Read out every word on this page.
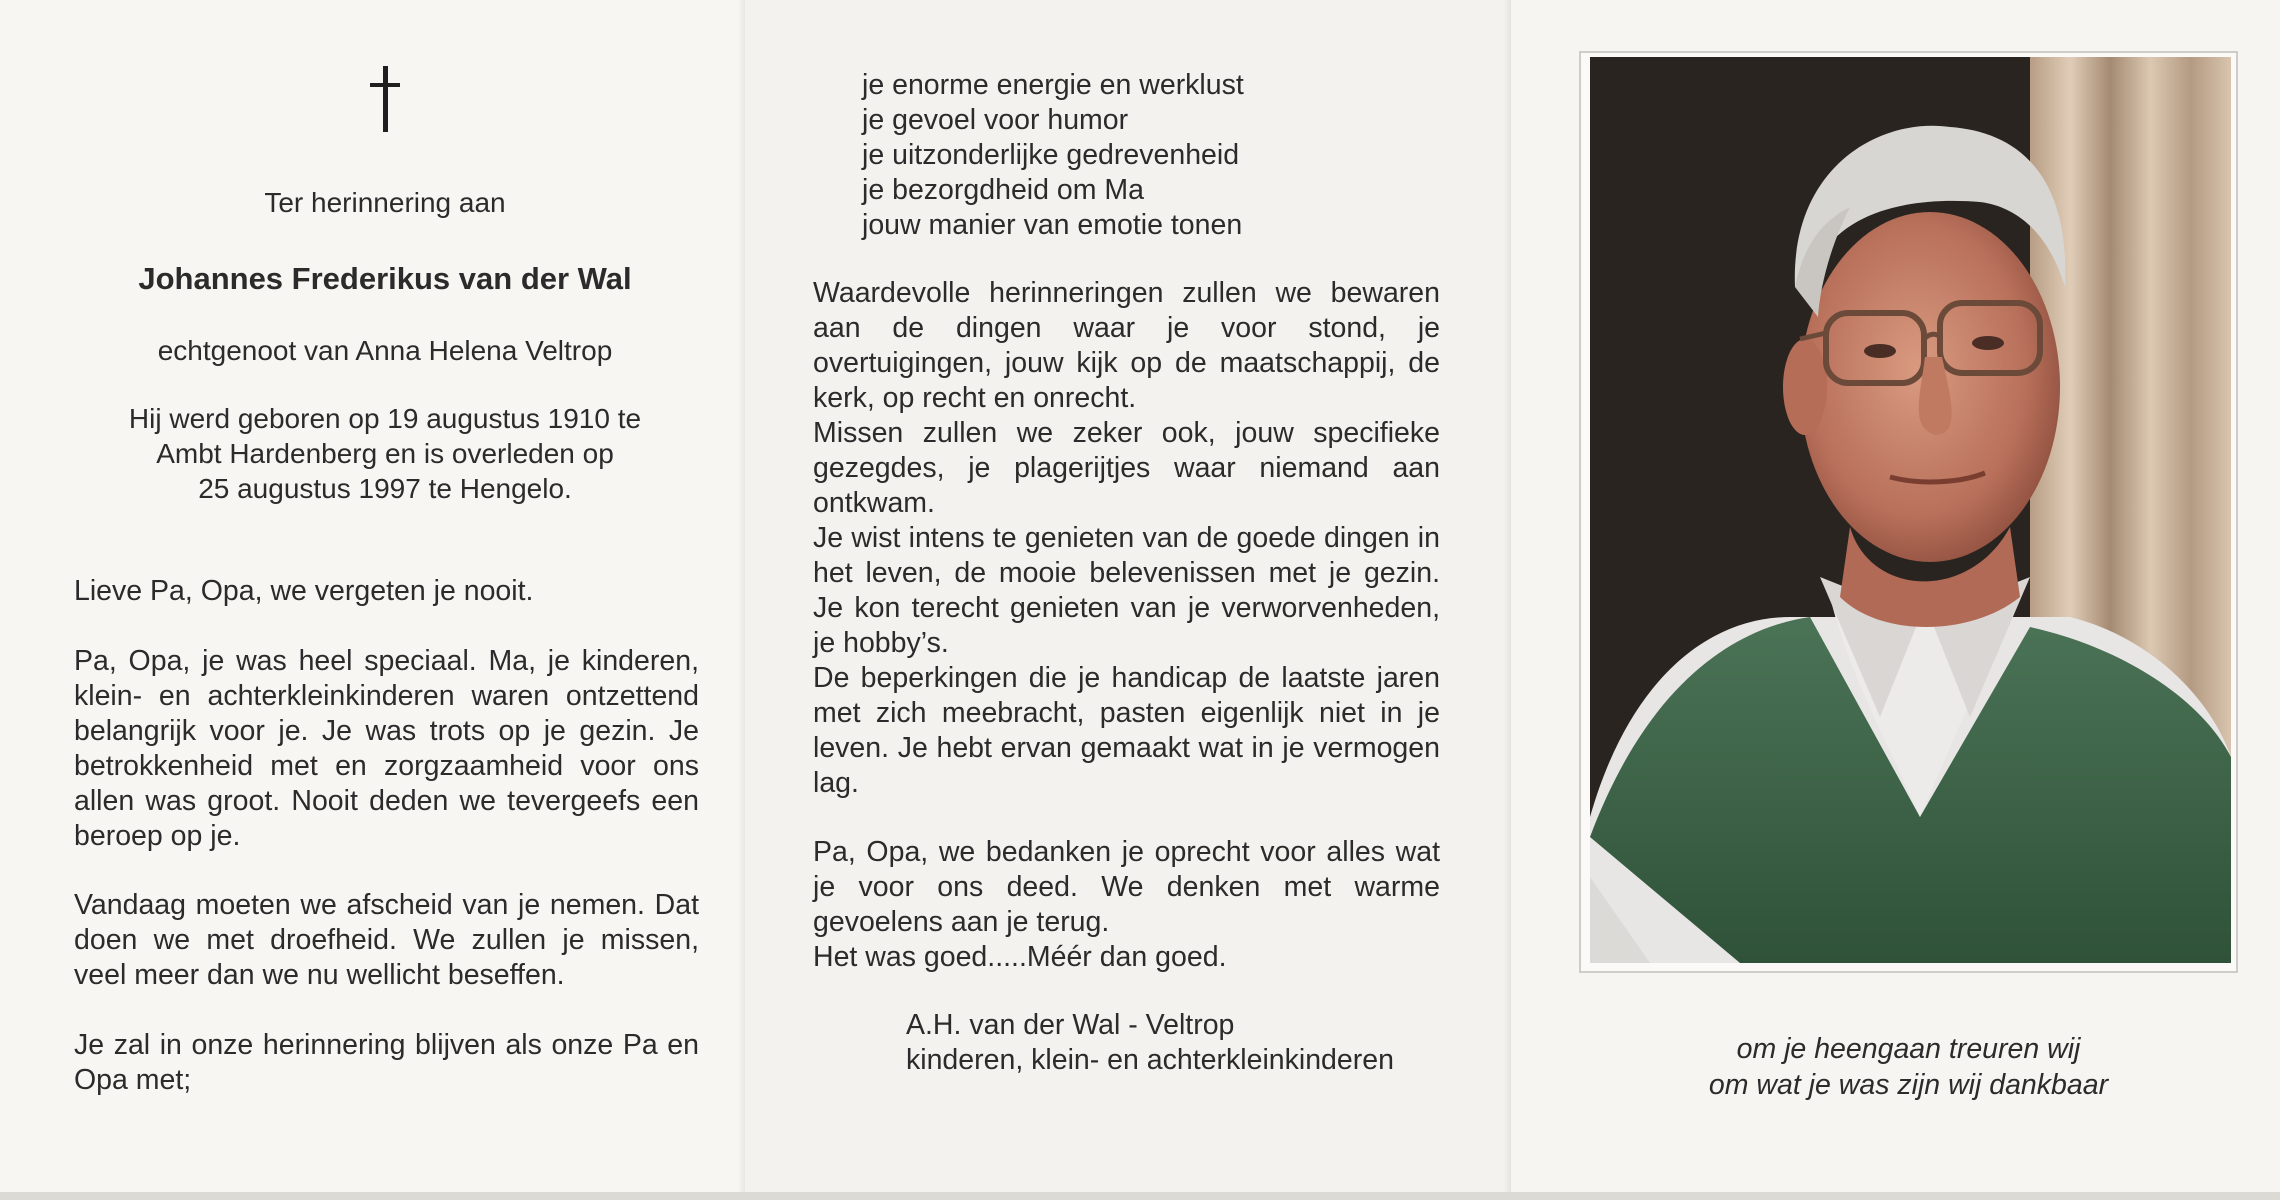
Ter herinnering aan
Johannes Frederikus van der Wal
echtgenoot van Anna Helena Veltrop
Hij werd geboren op 19 augustus 1910 te
Ambt Hardenberg en is overleden op
25 augustus 1997 te Hengelo.

Lieve Pa, Opa, we vergeten je nooit.

Pa, Opa, je was heel speciaal. Ma, je kinderen, klein- en achterkleinkinderen waren ontzettend belangrijk voor je. Je was trots op je gezin. Je betrokkenheid met en zorgzaamheid voor ons allen was groot. Nooit deden we tevergeefs een beroep op je.

Vandaag moeten we afscheid van je nemen. Dat doen we met droefheid. We zullen je missen, veel meer dan we nu wellicht beseffen.

Je zal in onze herinnering blijven als onze Pa en Opa met;

je enorme energie en werklust
je gevoel voor humor
je uitzonderlijke gedrevenheid
je bezorgdheid om Ma
jouw manier van emotie tonen

Waardevolle herinneringen zullen we bewaren aan de dingen waar je voor stond, je overtuigingen, jouw kijk op de maatschappij, de kerk, op recht en onrecht.

Missen zullen we zeker ook, jouw specifieke gezegdes, je plagerijtjes waar niemand aan ontkwam.

Je wist intens te genieten van de goede dingen in het leven, de mooie belevenissen met je gezin. Je kon terecht genieten van je verworvenheden, je hobby’s.

De beperkingen die je handicap de laatste jaren met zich meebracht, pasten eigenlijk niet in je leven. Je hebt ervan gemaakt wat in je vermogen lag.

Pa, Opa, we bedanken je oprecht voor alles wat je voor ons deed. We denken met warme gevoelens aan je terug.

Het was goed.....Méér dan goed.

A.H. van der Wal - Veltrop
kinderen, klein- en achterkleinkinderen	om je heengaan treuren wij
om wat je was zijn wij dankbaar
